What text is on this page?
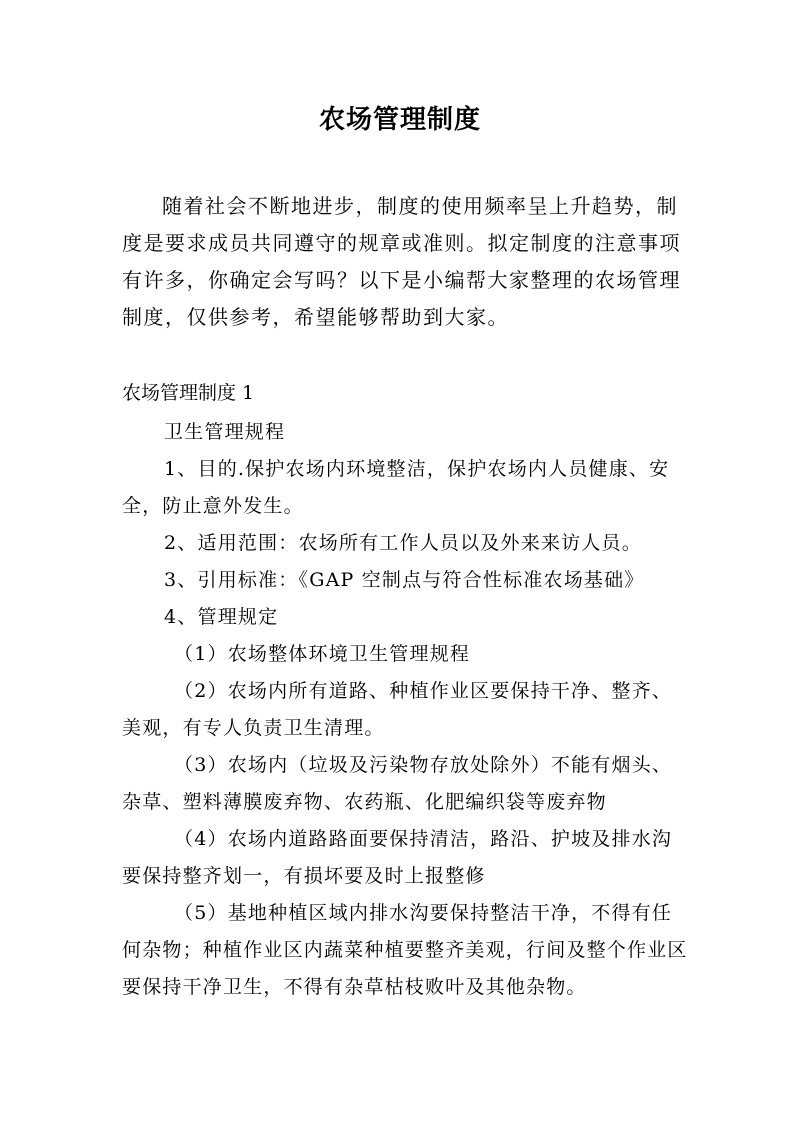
农场管理制度

随着社会不断地进步，制度的使用频率呈上升趋势，制度是要求成员共同遵守的规章或准则。拟定制度的注意事项有许多，你确定会写吗？以下是小编帮大家整理的农场管理制度，仅供参考，希望能够帮助到大家。

农场管理制度 1

卫生管理规程

1、目的.保护农场内环境整洁，保护农场内人员健康、安全，防止意外发生。

2、适用范围：农场所有工作人员以及外来来访人员。

3、引用标准：《GAP 空制点与符合性标准农场基础》

4、管理规定

（1）农场整体环境卫生管理规程

（2）农场内所有道路、种植作业区要保持干净、整齐、美观，有专人负责卫生清理。

（3）农场内（垃圾及污染物存放处除外）不能有烟头、杂草、塑料薄膜废弃物、农药瓶、化肥编织袋等废弃物

（4）农场内道路路面要保持清洁，路沿、护坡及排水沟要保持整齐划一，有损坏要及时上报整修

（5）基地种植区域内排水沟要保持整洁干净，不得有任何杂物；种植作业区内蔬菜种植要整齐美观，行间及整个作业区要保持干净卫生，不得有杂草枯枝败叶及其他杂物。
